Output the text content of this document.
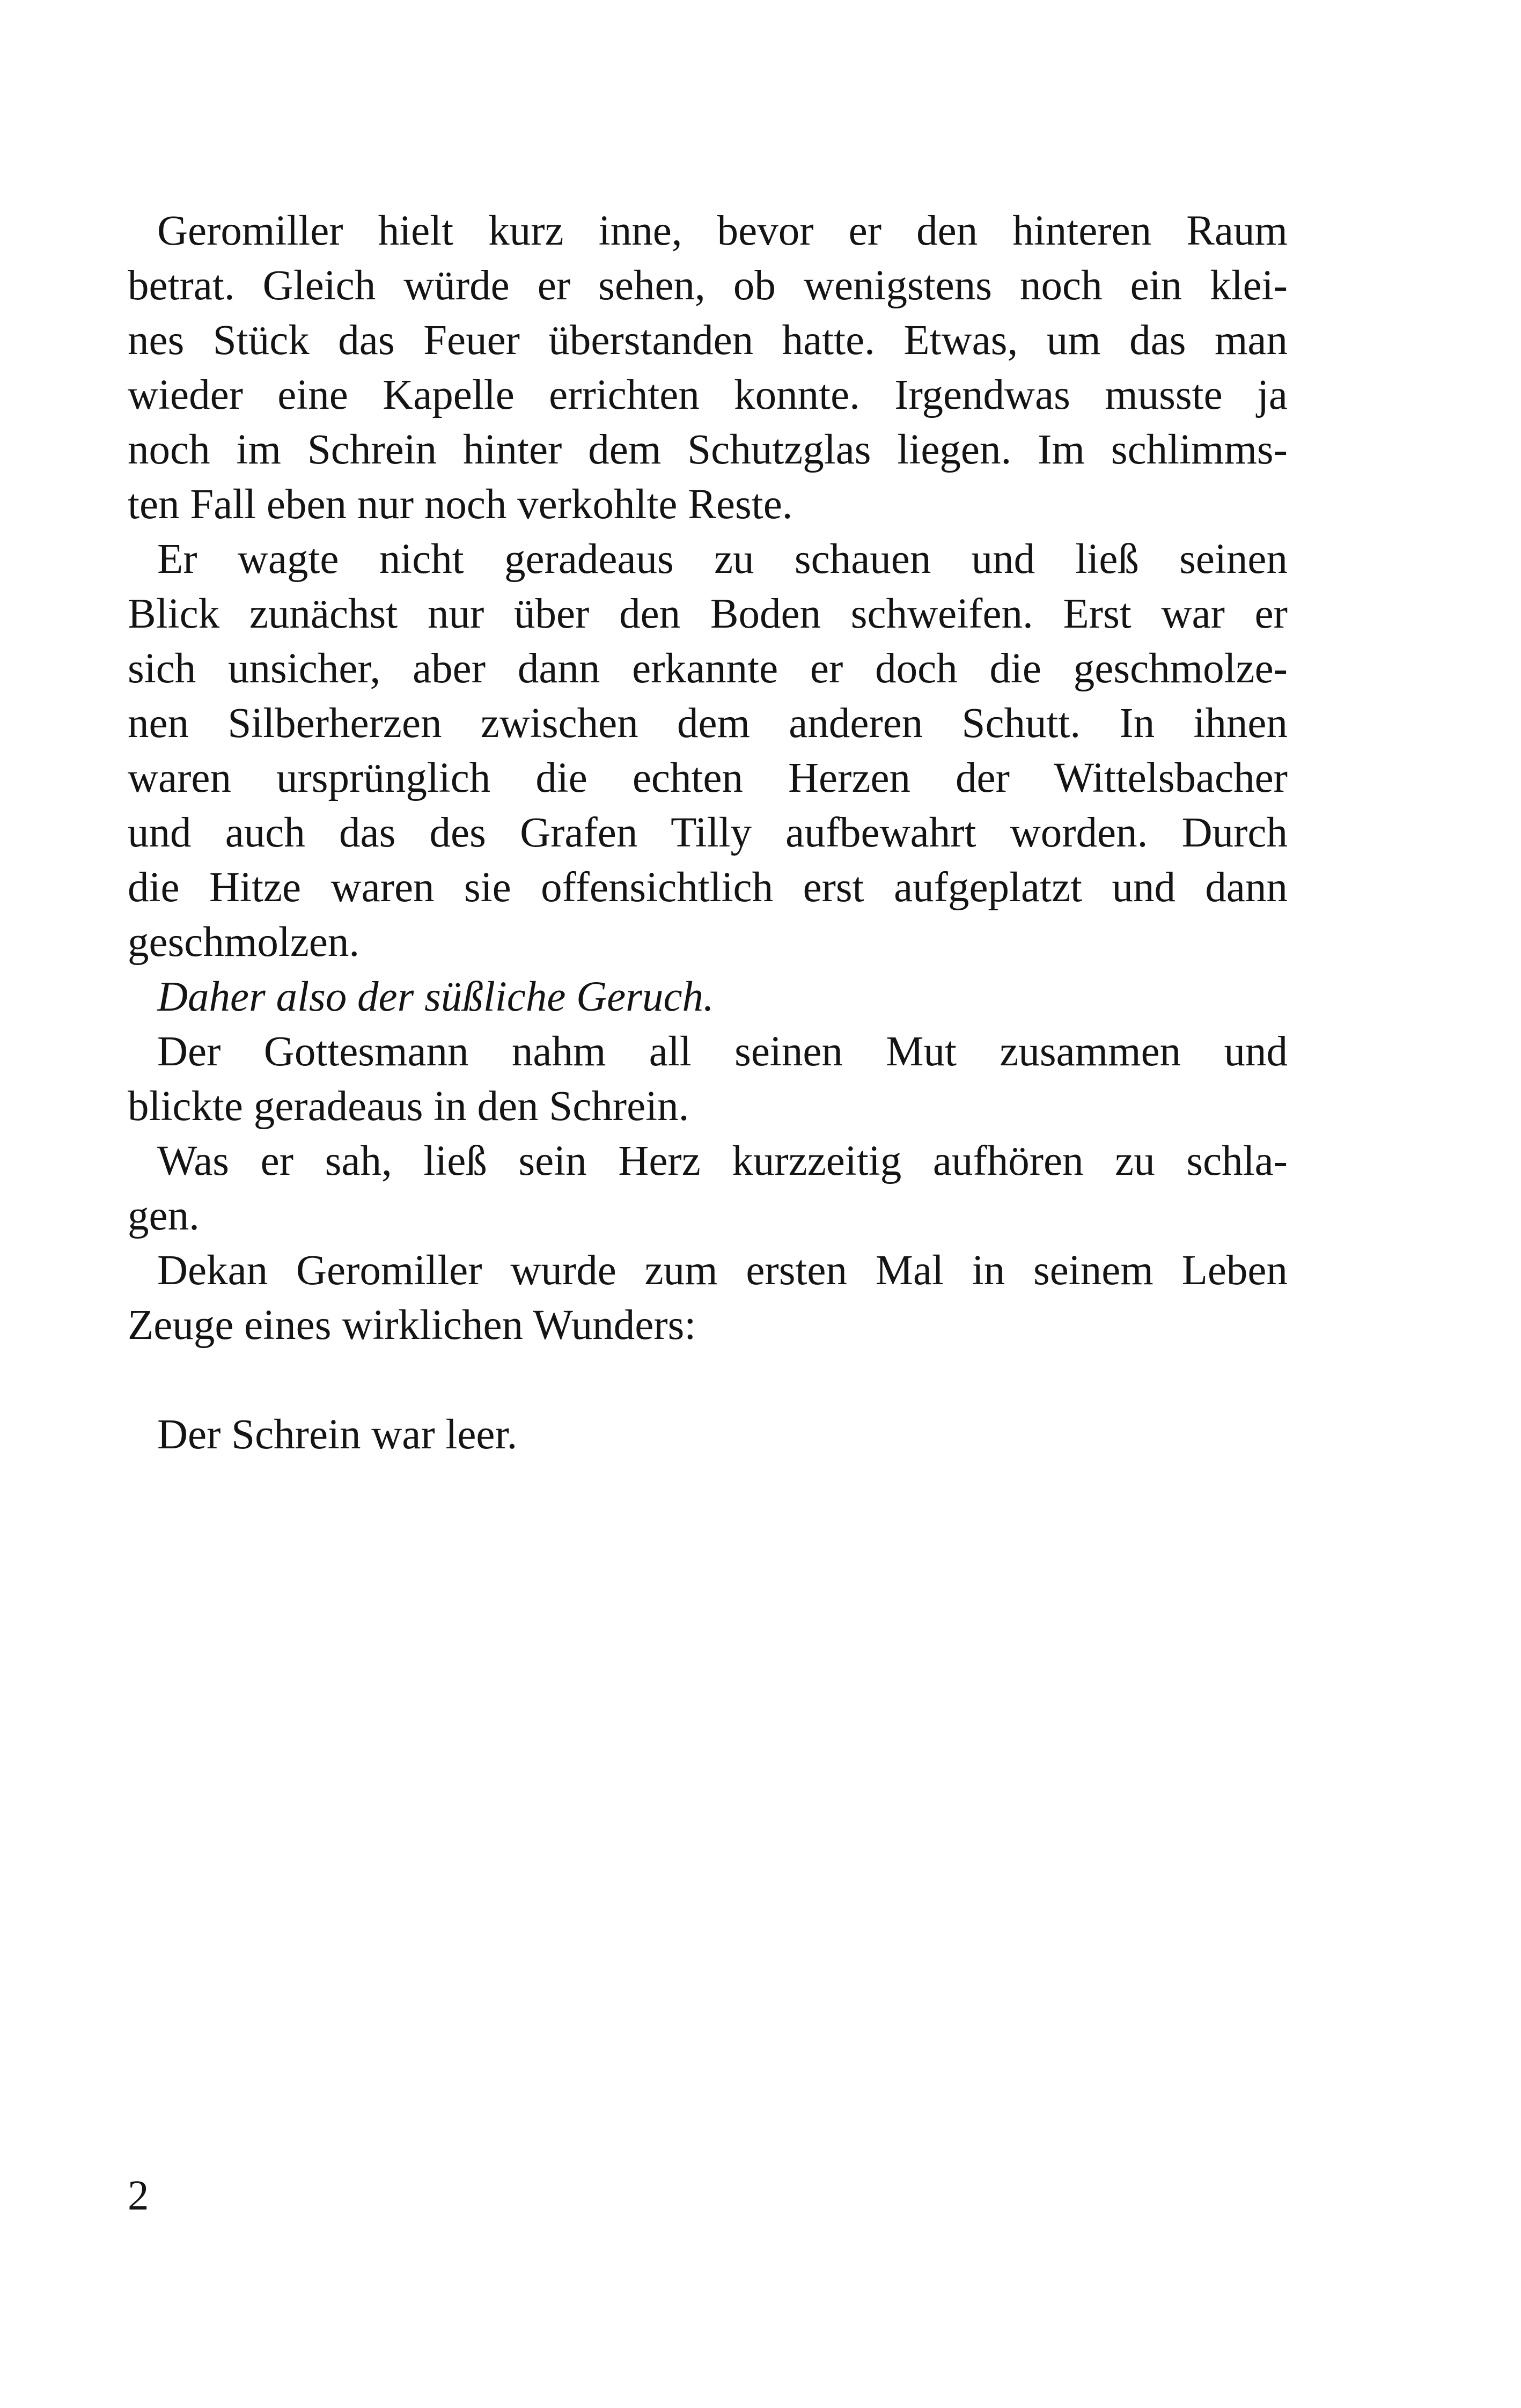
Geromiller hielt kurz inne, bevor er den hinteren Raum
betrat. Gleich würde er sehen, ob wenigstens noch ein klei-
nes Stück das Feuer überstanden hatte. Etwas, um das man
wieder eine Kapelle errichten konnte. Irgendwas musste ja
noch im Schrein hinter dem Schutzglas liegen. Im schlimms-
ten Fall eben nur noch verkohlte Reste.

Er wagte nicht geradeaus zu schauen und ließ seinen
Blick zunächst nur über den Boden schweifen. Erst war er
sich unsicher, aber dann erkannte er doch die geschmolze-
nen Silberherzen zwischen dem anderen Schutt. In ihnen
waren ursprünglich die echten Herzen der Wittelsbacher
und auch das des Grafen Tilly aufbewahrt worden. Durch
die Hitze waren sie offensichtlich erst aufgeplatzt und dann
geschmolzen.

Daher also der süßliche Geruch.

Der Gottesmann nahm all seinen Mut zusammen und
blickte geradeaus in den Schrein.

Was er sah, ließ sein Herz kurzzeitig aufhören zu schla-
gen.

Dekan Geromiller wurde zum ersten Mal in seinem Leben
Zeuge eines wirklichen Wunders:

Der Schrein war leer.

2
